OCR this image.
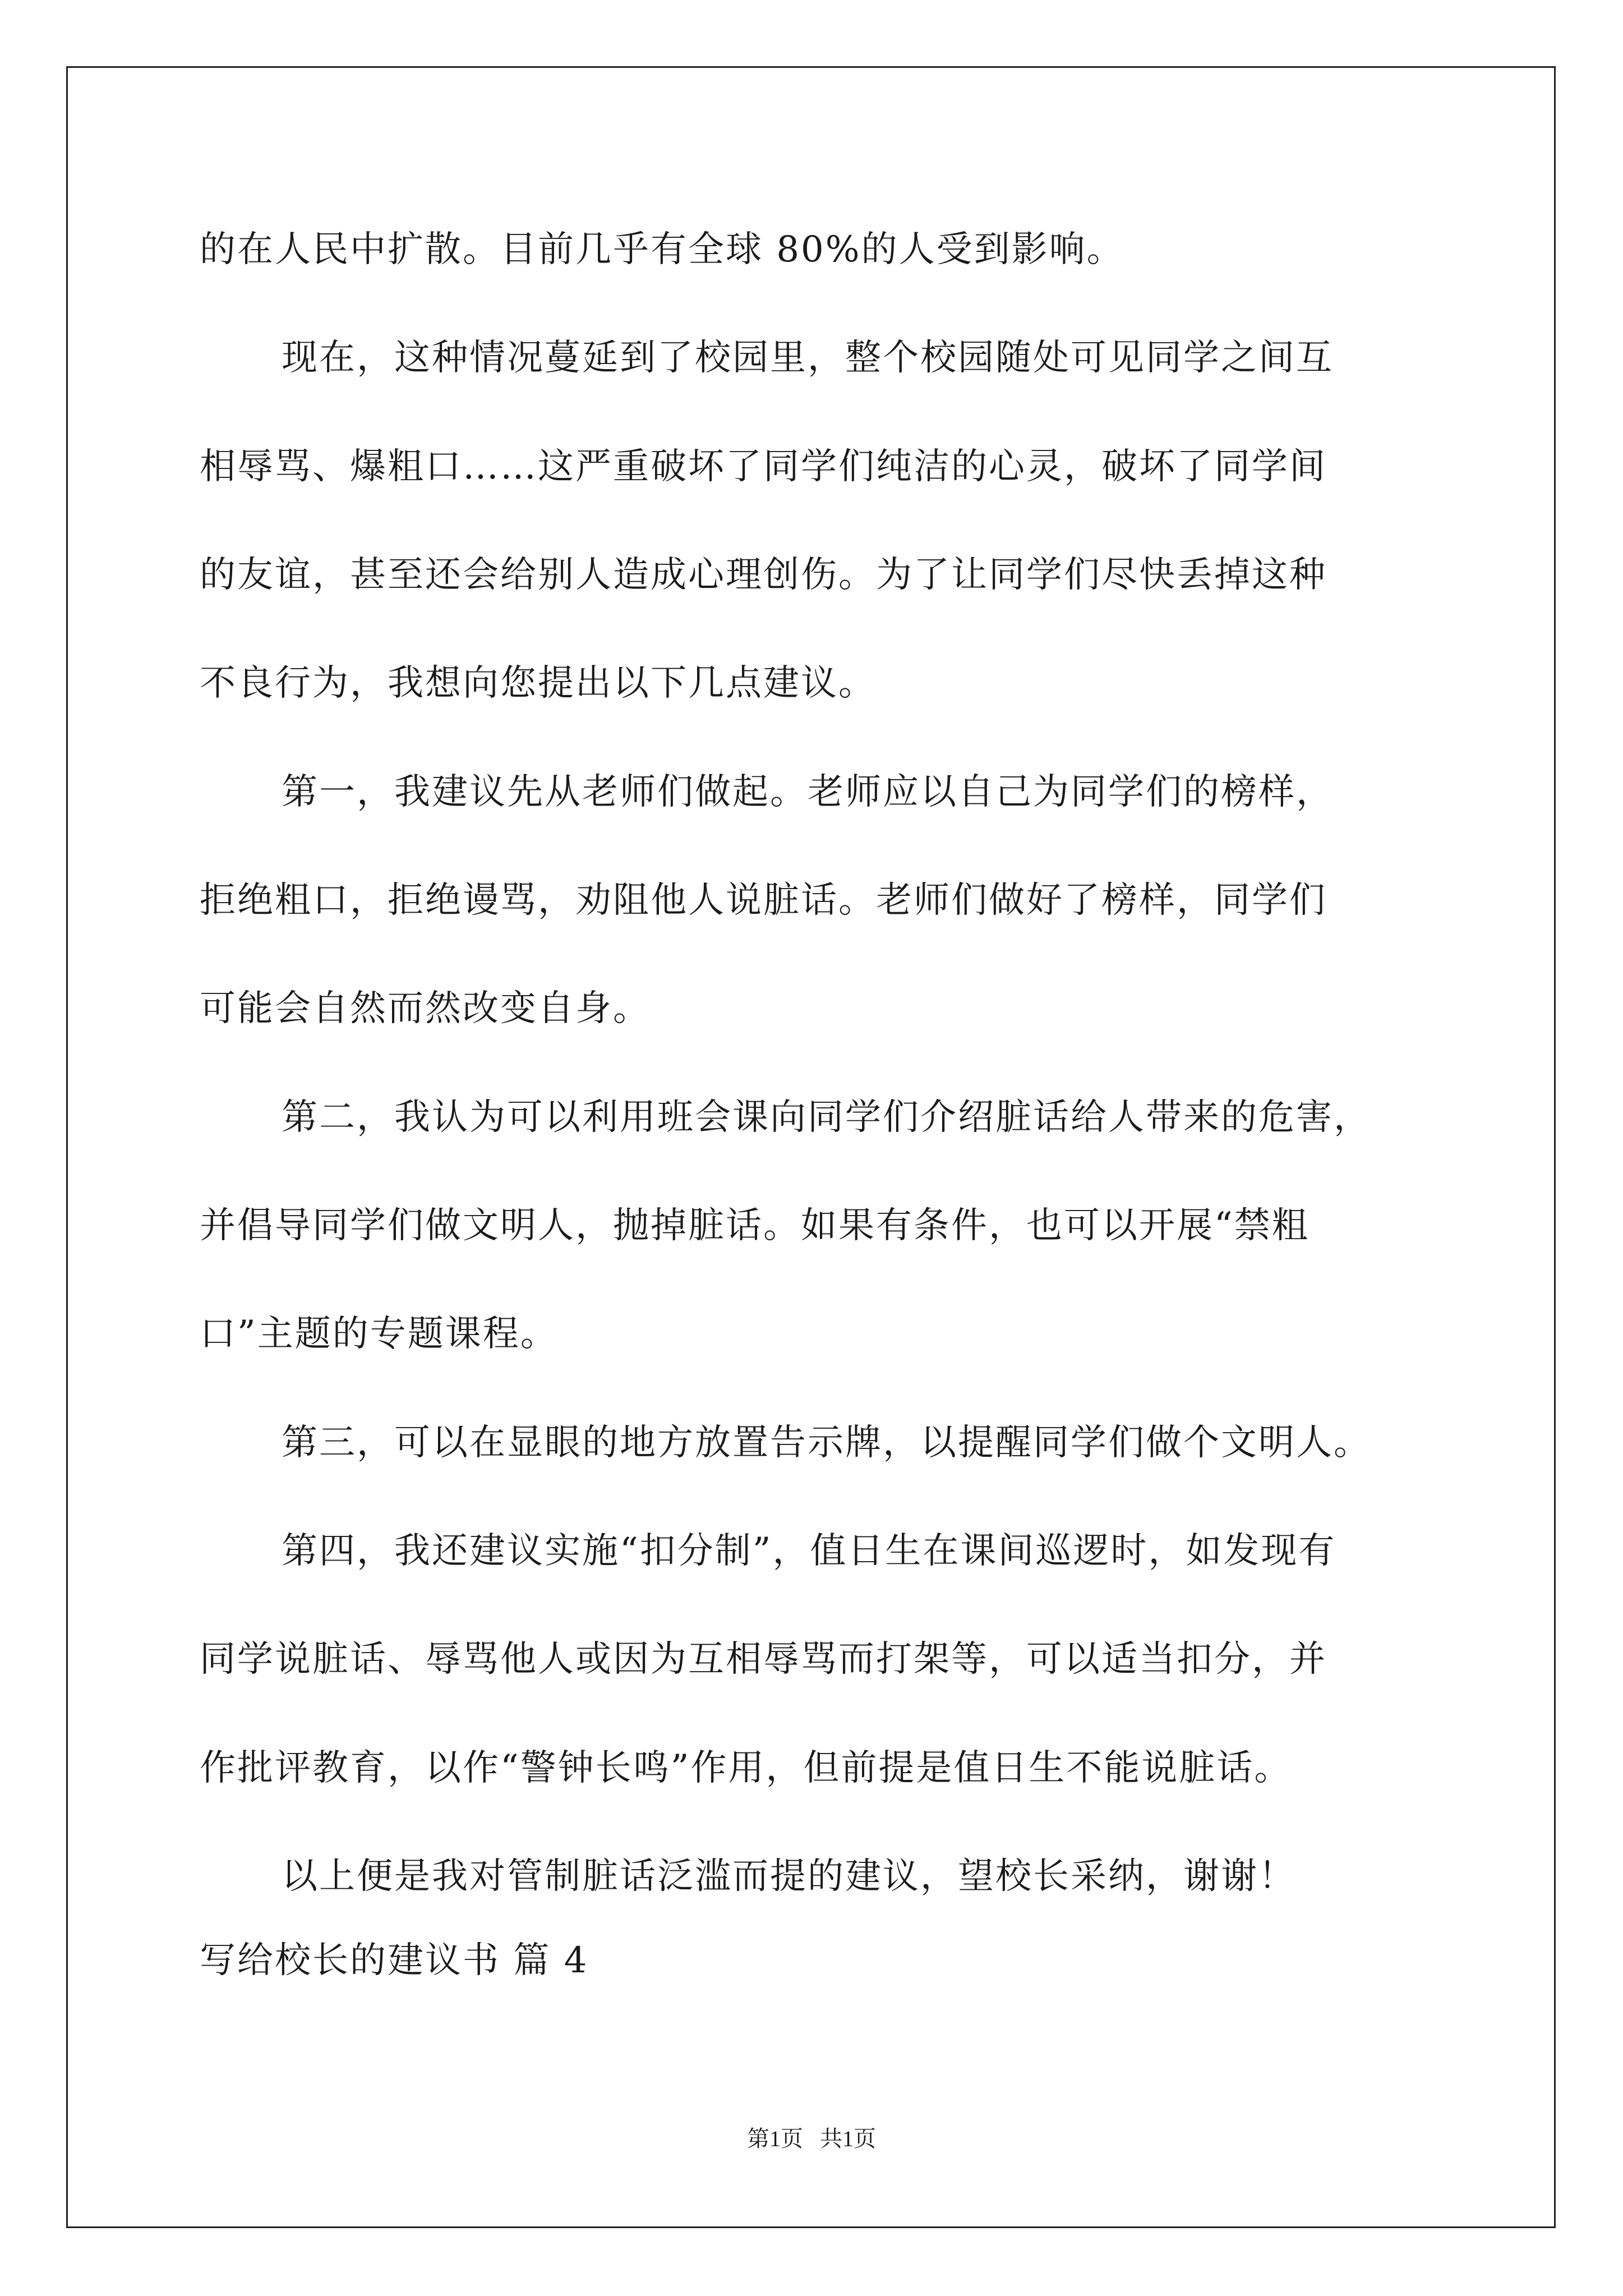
的在人民中扩散。目前几乎有全球 80%的人受到影响。
现在，这种情况蔓延到了校园里，整个校园随处可见同学之间互
相辱骂、爆粗口……这严重破坏了同学们纯洁的心灵，破坏了同学间
的友谊，甚至还会给别人造成心理创伤。为了让同学们尽快丢掉这种
不良行为，我想向您提出以下几点建议。
第一，我建议先从老师们做起。老师应以自己为同学们的榜样，
拒绝粗口，拒绝谩骂，劝阻他人说脏话。老师们做好了榜样，同学们
可能会自然而然改变自身。
第二，我认为可以利用班会课向同学们介绍脏话给人带来的危害，
并倡导同学们做文明人，抛掉脏话。如果有条件，也可以开展“禁粗
口”主题的专题课程。
第三，可以在显眼的地方放置告示牌，以提醒同学们做个文明人。
第四，我还建议实施“扣分制”，值日生在课间巡逻时，如发现有
同学说脏话、辱骂他人或因为互相辱骂而打架等，可以适当扣分，并
作批评教育，以作“警钟长鸣”作用，但前提是值日生不能说脏话。
以上便是我对管制脏话泛滥而提的建议，望校长采纳，谢谢！
写给校长的建议书 篇 4
第1页   共1页
